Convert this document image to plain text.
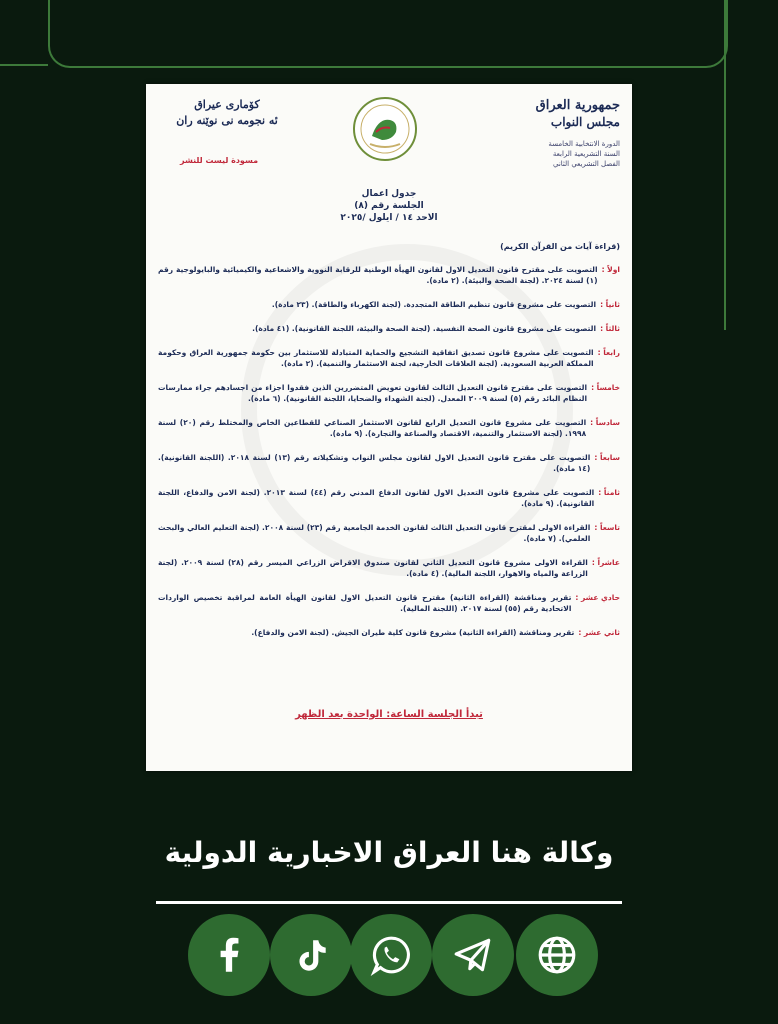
جمهورية العراق
مجلس النواب
الدورة الانتخابية الخامسة
السنة التشريعية الرابعة
الفصل التشريعي الثاني
كۆماری عیراق
ئه نجومه نی نوێنه ران
مسودة ليست للنشر
جدول اعمال
الجلسة رقم (٨)
الاحد ١٤ / ايلول /٢٠٢٥
(قراءة آيات من القرآن الكريم)
اولاً :
التصويت على مقترح قانون التعديل الاول لقانون الهيأة الوطنية للرقابة النووية والاشعاعية والكيميائية والبايولوجية رقم (١) لسنة ٢٠٢٤. (لجنة الصحة والبيئة). (٢ مادة).
ثانياً :
التصويت على مشروع قانون تنظيم الطاقة المتجددة. (لجنة الكهرباء والطاقة). (٢٣ مادة).
ثالثاً :
التصويت على مشروع قانون الصحة النفسية. (لجنة الصحة والبيئة، اللجنة القانونية). (٤١ مادة).
رابعاً :
التصويت على مشروع قانون تصديق اتفاقية التشجيع والحماية المتبادلة للاستثمار بين حكومة جمهورية العراق وحكومة المملكة العربية السعودية. (لجنة العلاقات الخارجية، لجنة الاستثمار والتنمية). (٢ مادة).
خامساً :
التصويت على مقترح قانون التعديل الثالث لقانون تعويض المتضررين الذين فقدوا اجزاء من اجسادهم جراء ممارسات النظام البائد رقم (٥) لسنة ٢٠٠٩ المعدل. (لجنة الشهداء والضحايا، اللجنة القانونية). (٦ مادة).
سادساً :
التصويت على مشروع قانون التعديل الرابع لقانون الاستثمار الصناعي للقطاعين الخاص والمختلط رقم (٢٠) لسنة ١٩٩٨. (لجنة الاستثمار والتنمية، الاقتصاد والصناعة والتجارة). (٩ مادة).
سابعاً :
التصويت على مقترح قانون التعديل الاول لقانون مجلس النواب وتشكيلاته رقم (١٣) لسنة ٢٠١٨. (اللجنة القانونية). (١٤ مادة).
ثامناً :
التصويت على مشروع قانون التعديل الاول لقانون الدفاع المدني رقم (٤٤) لسنة ٢٠١٣. (لجنة الامن والدفاع، اللجنة القانونية). (٩ مادة).
تاسعاً :
القراءة الاولى لمقترح قانون التعديل الثالث لقانون الخدمة الجامعية رقم (٢٣) لسنة ٢٠٠٨. (لجنة التعليم العالي والبحث العلمي). (٧ مادة).
عاشراً :
القراءة الاولى مشروع قانون التعديل الثاني لقانون صندوق الاقراض الزراعي الميسر رقم (٢٨) لسنة ٢٠٠٩. (لجنة الزراعة والمياه والاهوار، اللجنة المالية). (٤ مادة).
حادي عشر :
تقرير ومناقشة (القراءة الثانية) مقترح قانون التعديل الاول لقانون الهيأة العامة لمراقبة تخصيص الواردات الاتحادية رقم (٥٥) لسنة ٢٠١٧. (اللجنة المالية).
ثاني عشر :
تقرير ومناقشة (القراءة الثانية) مشروع قانون كلية طيران الجيش. (لجنة الامن والدفاع).
تبدأ الجلسة الساعة: الواحدة بعد الظهر
وكالة هنا العراق الاخبارية الدولية
